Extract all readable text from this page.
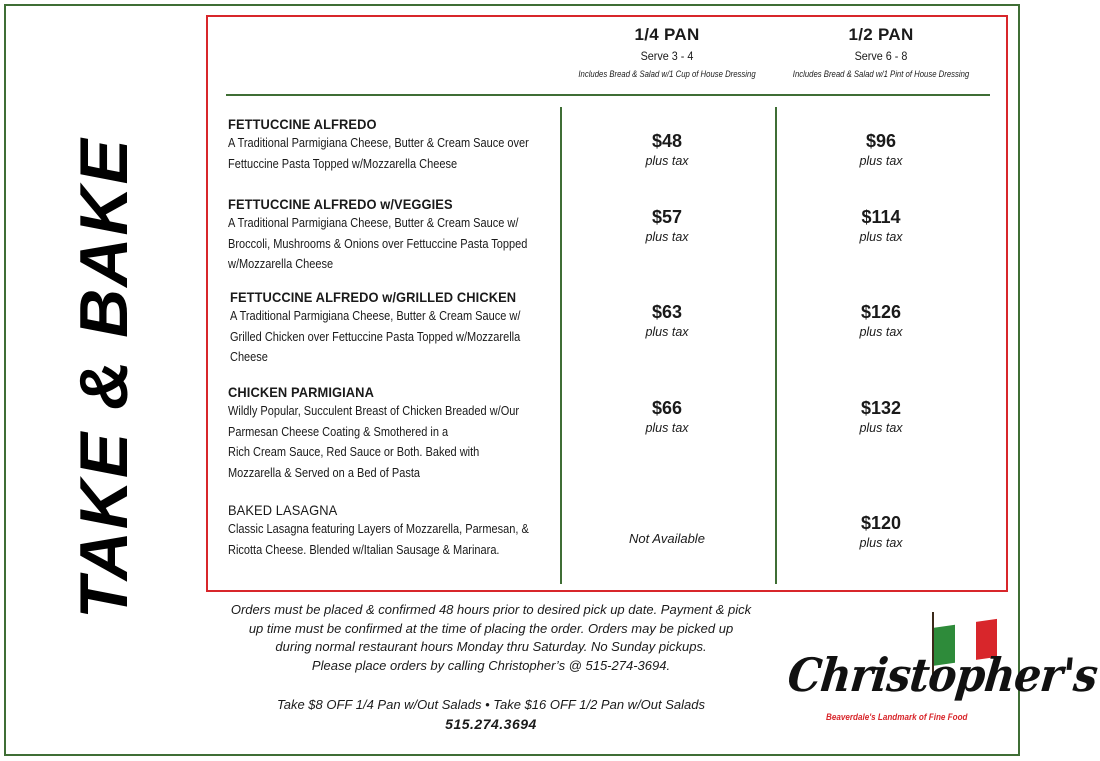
TAKE & BAKE
1/4 PAN
Serve 3 - 4
Includes Bread & Salad w/1 Cup of House Dressing
1/2 PAN
Serve 6 - 8
Includes Bread & Salad w/1 Pint of House Dressing
FETTUCCINE ALFREDO
A Traditional Parmigiana Cheese, Butter & Cream Sauce over
Fettuccine Pasta Topped w/Mozzarella Cheese
$48
plus tax
$96
plus tax
FETTUCCINE ALFREDO w/VEGGIES
A Traditional Parmigiana Cheese, Butter & Cream Sauce w/
Broccoli, Mushrooms & Onions over Fettuccine Pasta Topped
w/Mozzarella Cheese
$57
plus tax
$114
plus tax
FETTUCCINE ALFREDO w/GRILLED CHICKEN
A Traditional Parmigiana Cheese, Butter & Cream Sauce w/
Grilled Chicken over Fettuccine Pasta Topped w/Mozzarella
Cheese
$63
plus tax
$126
plus tax
CHICKEN PARMIGIANA
Wildly Popular, Succulent Breast of Chicken Breaded w/Our
Parmesan Cheese Coating & Smothered in a
Rich Cream Sauce, Red Sauce or Both. Baked with
Mozzarella & Served on a Bed of Pasta
$66
plus tax
$132
plus tax
BAKED LASAGNA
Classic Lasagna featuring Layers of Mozzarella, Parmesan, &
Ricotta Cheese. Blended w/Italian Sausage & Marinara.
Not Available
$120
plus tax
Orders must be placed & confirmed 48 hours prior to desired pick up date. Payment & pick
up time must be confirmed at the time of placing the order. Orders may be picked up
during normal restaurant hours Monday thru Saturday. No Sunday pickups.
Please place orders by calling Christopher’s @ 515-274-3694.
Take $8 OFF 1/4 Pan w/Out Salads • Take $16 OFF 1/2 Pan w/Out Salads
515.274.3694
Christopher's
Beaverdale's Landmark of Fine Food
